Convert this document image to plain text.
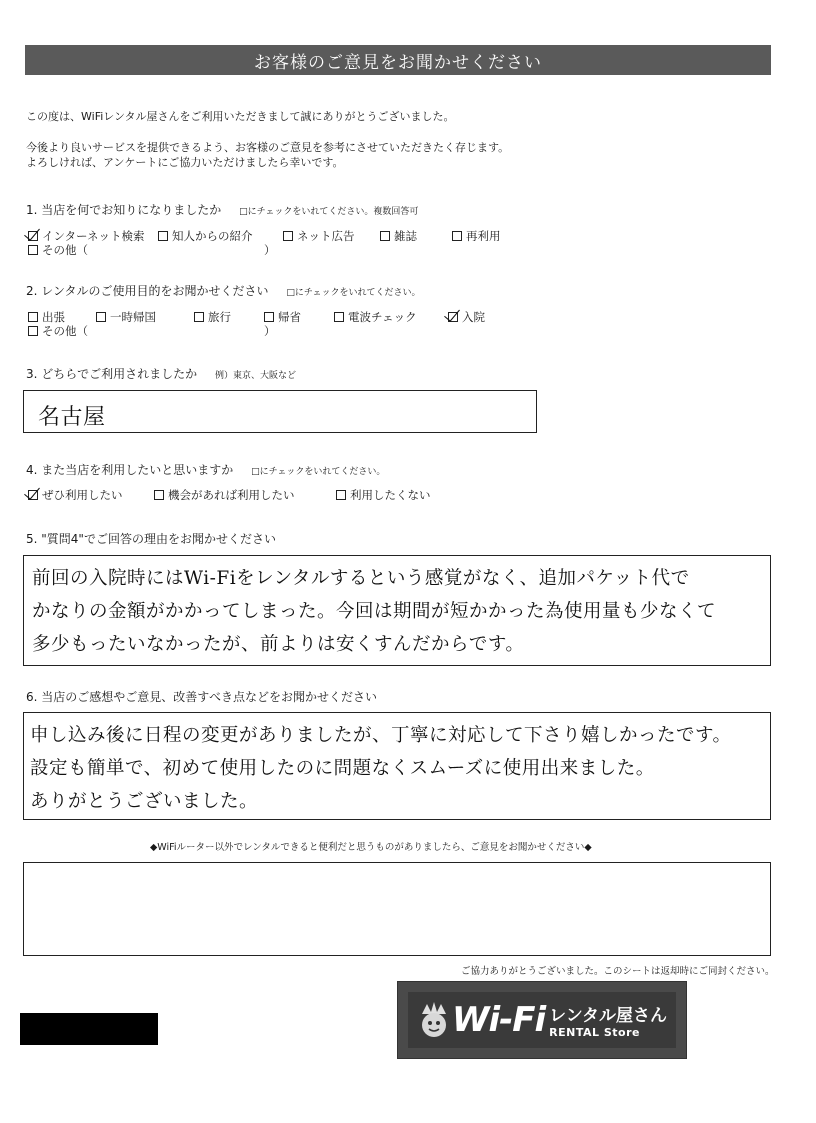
お客様のご意見をお聞かせください
この度は、WiFiレンタル屋さんをご利用いただきまして誠にありがとうございました。
今後より良いサービスを提供できるよう、お客様のご意見を参考にさせていただきたく存じます。
よろしければ、アンケートにご協力いただけましたら幸いです。
1. 当店を何でお知りになりましたか □にチェックをいれてください。複数回答可
インターネット検索 知人からの紹介	ネット広告	雑誌	再利用
その他（	）
2. レンタルのご使用目的をお聞かせください □にチェックをいれてください。
出張	一時帰国	旅行	帰省	電波チェック	入院
その他（	）
3. どちらでご利用されましたか 例）東京、大阪など
名古屋
4. また当店を利用したいと思いますか □にチェックをいれてください。
ぜひ利用したい	機会があれば利用したい	利用したくない
5. "質問4"でご回答の理由をお聞かせください
前回の入院時にはWi-Fiをレンタルするという感覚がなく、追加パケット代で
かなりの金額がかかってしまった。今回は期間が短かかった為使用量も少なくて
多少もったいなかったが、前よりは安くすんだからです。
6. 当店のご感想やご意見、改善すべき点などをお聞かせください
申し込み後に日程の変更がありましたが、丁寧に対応して下さり嬉しかったです。
設定も簡単で、初めて使用したのに問題なくスムーズに使用出来ました。
ありがとうございました。
◆WiFiルーター以外でレンタルできると便利だと思うものがありましたら、ご意見をお聞かせください◆
ご協力ありがとうございました。このシートは返却時にご同封ください。
Wi-Fi レンタル屋さん
RENTAL Store
